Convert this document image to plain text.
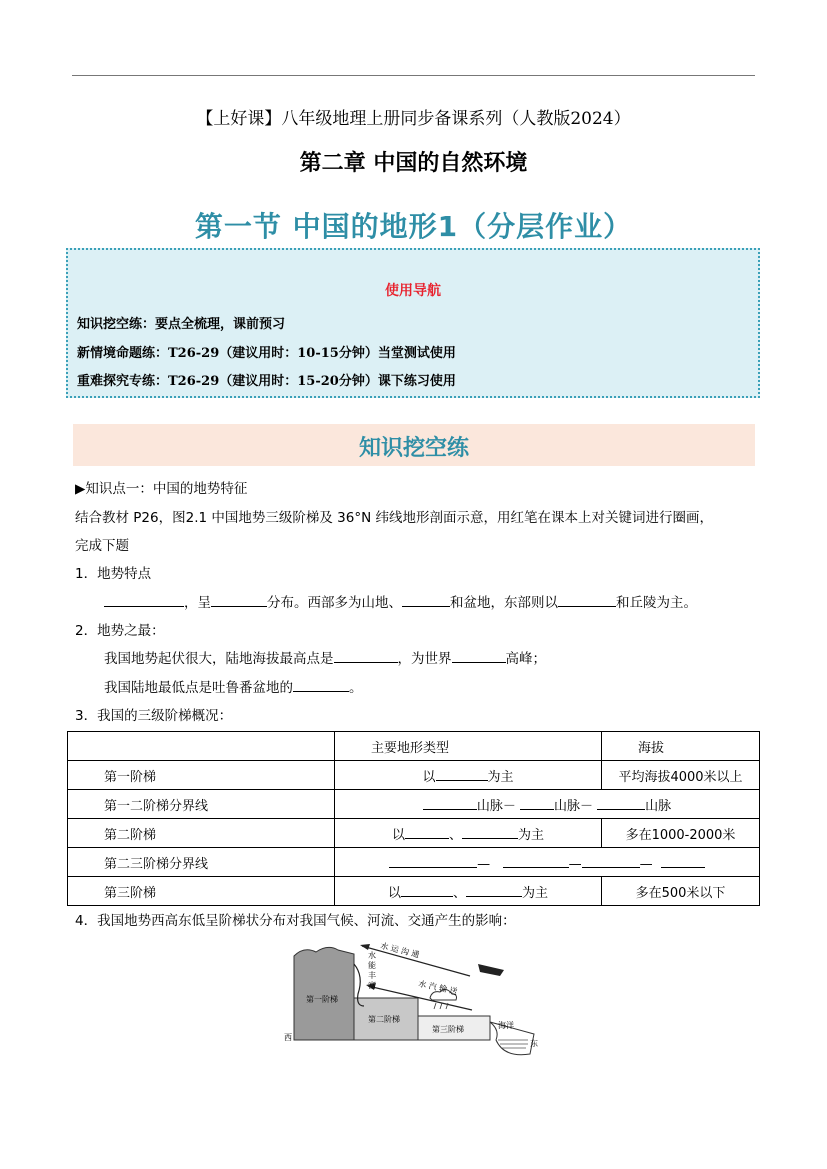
【上好课】八年级地理上册同步备课系列（人教版2024）
第二章 中国的自然环境
第一节 中国的地形1（分层作业）
使用导航
知识挖空练：要点全梳理，课前预习
新情境命题练：T26-29（建议用时：10-15分钟）当堂测试使用
重难探究专练：T26-29（建议用时：15-20分钟）课下练习使用
知识挖空练
▶知识点一：中国的地势特征
结合教材 P26，图2.1 中国地势三级阶梯及 36°N 纬线地形剖面示意，用红笔在课本上对关键词进行圈画，
完成下题
1．地势特点
，呈	分布。西部多为山地、	和盆地，东部则以	和丘陵为主。
2．地势之最：
我国地势起伏很大，陆地海拔最高点是	，为世界	高峰；
我国陆地最低点是吐鲁番盆地的	。
3．我国的三级阶梯概况：
	主要地形类型	海拔
第一阶梯	以 为主	平均海拔4000米以上
第一二阶梯分界线	山脉－ 山脉－ 山脉	
第二阶梯	以 、 为主	多在1000-2000米
第二三阶梯分界线	— — —	
第三阶梯	以 、 为主	多在500米以下
4．我国地势西高东低呈阶梯状分布对我国气候、河流、交通产生的影响：
第一阶梯
第二阶梯
第三阶梯	海洋
西
东
水 运 沟 通
水
能
丰
富	水 汽 输 送
